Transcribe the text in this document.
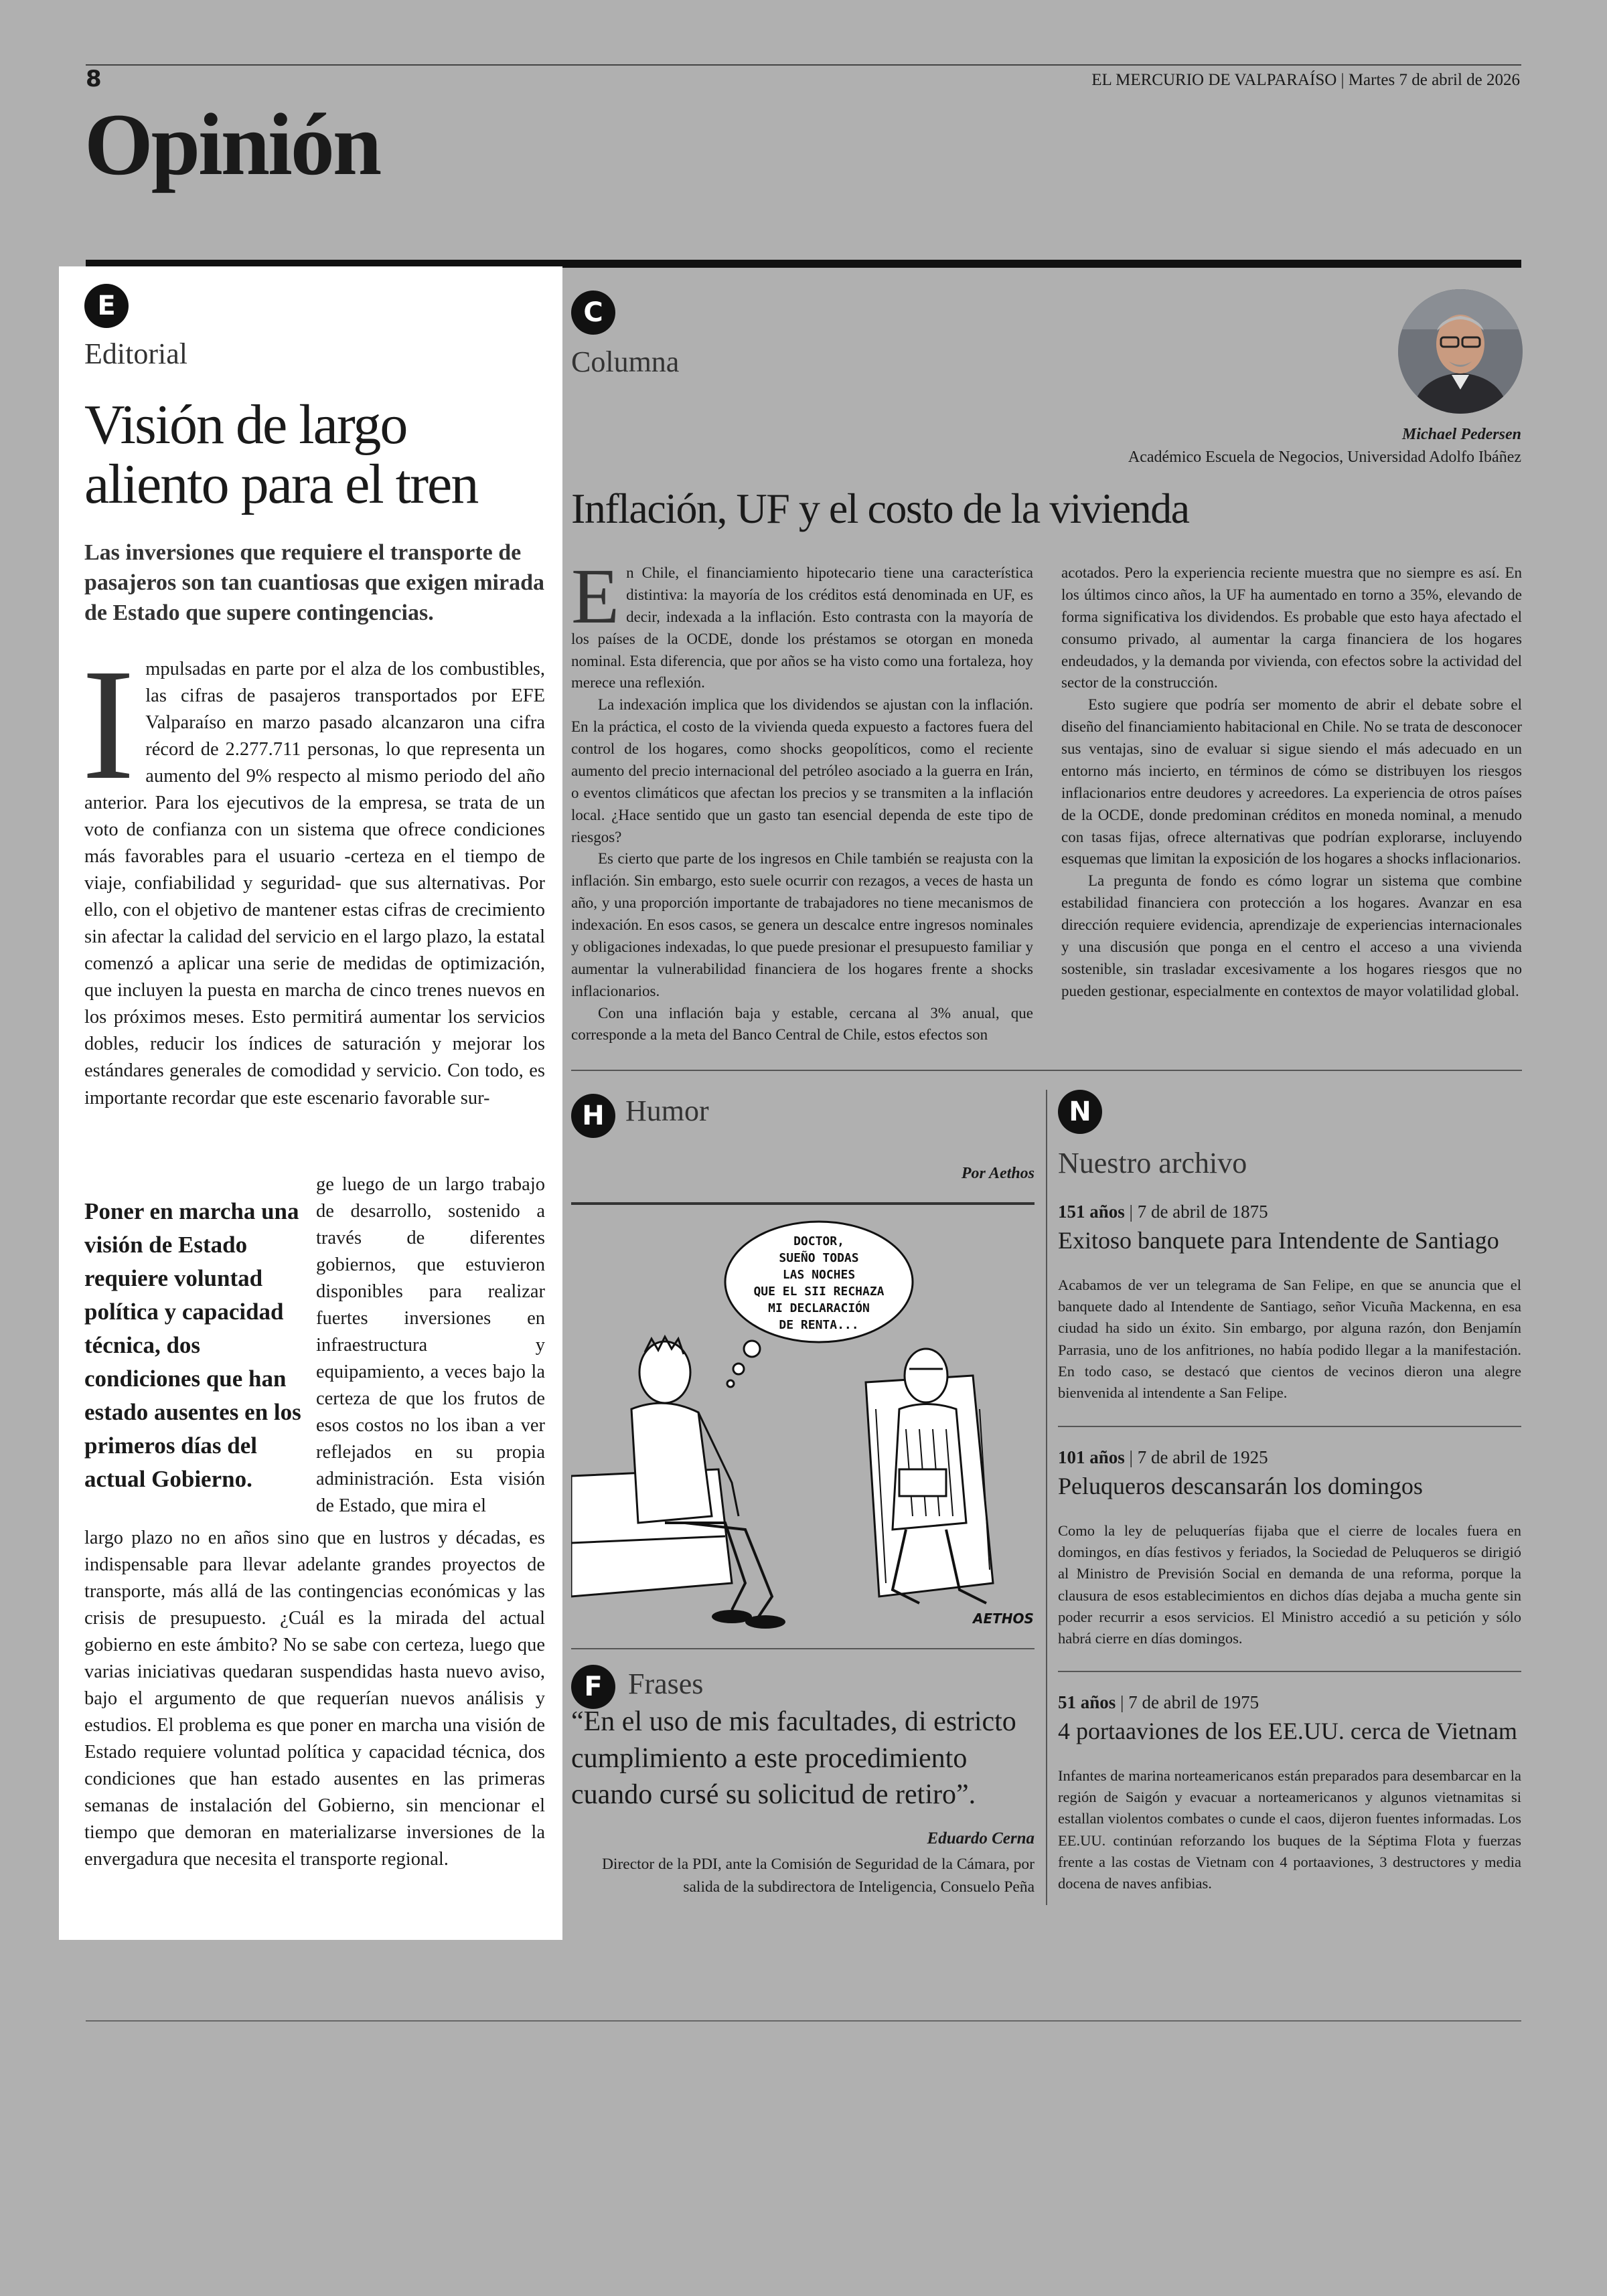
8	EL MERCURIO DE VALPARAÍSO | Martes 7 de abril de 2026
Opinión
E
Editorial
Visión de largo
aliento para el tren
Las inversiones que requiere el transporte de pasajeros son tan cuantiosas que exigen mirada de Estado que supere contingencias.
Impulsadas en parte por el alza de los combustibles, las cifras de pasajeros transportados por EFE Valparaíso en marzo pasado alcanzaron una cifra récord de 2.277.711 personas, lo que representa un aumento del 9% respecto al mismo periodo del año anterior. Para los ejecutivos de la empresa, se trata de un voto de confianza con un sistema que ofrece condiciones más favorables para el usuario -certeza en el tiempo de viaje, confiabilidad y seguridad- que sus alternativas. Por ello, con el objetivo de mantener estas cifras de crecimiento sin afectar la calidad del servicio en el largo plazo, la estatal comenzó a aplicar una serie de medidas de optimización, que incluyen la puesta en marcha de cinco trenes nuevos en los próximos meses. Esto permitirá aumentar los servicios dobles, reducir los índices de saturación y mejorar los estándares generales de comodidad y servicio. Con todo, es importante recordar que este escenario favorable sur-
Poner en marcha una visión de Estado requiere voluntad política y capacidad técnica, dos condiciones que han estado ausentes en los primeros días del actual Gobierno.
ge luego de un largo trabajo de desarrollo, sostenido a través de diferentes gobiernos, que estuvieron disponibles para realizar fuertes inversiones en infraestructura y equipamiento, a veces bajo la certeza de que los frutos de esos costos no los iban a ver reflejados en su propia administración. Esta visión de Estado, que mira el
largo plazo no en años sino que en lustros y décadas, es indispensable para llevar adelante grandes proyectos de transporte, más allá de las contingencias económicas y las crisis de presupuesto. ¿Cuál es la mirada del actual gobierno en este ámbito? No se sabe con certeza, luego que varias iniciativas quedaran suspendidas hasta nuevo aviso, bajo el argumento de que requerían nuevos análisis y estudios. El problema es que poner en marcha una visión de Estado requiere voluntad política y capacidad técnica, dos condiciones que han estado ausentes en las primeras semanas de instalación del Gobierno, sin mencionar el tiempo que demoran en materializarse inversiones de la envergadura que necesita el transporte regional.
C
Columna
Michael Pedersen
Académico Escuela de Negocios, Universidad Adolfo Ibáñez
Inflación, UF y el costo de la vivienda

En Chile, el financiamiento hipotecario tiene una característica distintiva: la mayoría de los créditos está denominada en UF, es decir, indexada a la inflación. Esto contrasta con la mayoría de los países de la OCDE, donde los préstamos se otorgan en moneda nominal. Esta diferencia, que por años se ha visto como una fortaleza, hoy merece una reflexión.

La indexación implica que los dividendos se ajustan con la inflación. En la práctica, el costo de la vivienda queda expuesto a factores fuera del control de los hogares, como shocks geopolíticos, como el reciente aumento del precio internacional del petróleo asociado a la guerra en Irán, o eventos climáticos que afectan los precios y se transmiten a la inflación local. ¿Hace sentido que un gasto tan esencial dependa de este tipo de riesgos?

Es cierto que parte de los ingresos en Chile también se reajusta con la inflación. Sin embargo, esto suele ocurrir con rezagos, a veces de hasta un año, y una proporción importante de trabajadores no tiene mecanismos de indexación. En esos casos, se genera un descalce entre ingresos nominales y obligaciones indexadas, lo que puede presionar el presupuesto familiar y aumentar la vulnerabilidad financiera de los hogares frente a shocks inflacionarios.

Con una inflación baja y estable, cercana al 3% anual, que corresponde a la meta del Banco Central de Chile, estos efectos son

acotados. Pero la experiencia reciente muestra que no siempre es así. En los últimos cinco años, la UF ha aumentado en torno a 35%, elevando de forma significativa los dividendos. Es probable que esto haya afectado el consumo privado, al aumentar la carga financiera de los hogares endeudados, y la demanda por vivienda, con efectos sobre la actividad del sector de la construcción.

Esto sugiere que podría ser momento de abrir el debate sobre el diseño del financiamiento habitacional en Chile. No se trata de desconocer sus ventajas, sino de evaluar si sigue siendo el más adecuado en un entorno más incierto, en términos de cómo se distribuyen los riesgos inflacionarios entre deudores y acreedores. La experiencia de otros países de la OCDE, donde predominan créditos en moneda nominal, a menudo con tasas fijas, ofrece alternativas que podrían explorarse, incluyendo esquemas que limitan la exposición de los hogares a shocks inflacionarios.

La pregunta de fondo es cómo lograr un sistema que combine estabilidad financiera con protección a los hogares. Avanzar en esa dirección requiere evidencia, aprendizaje de experiencias internacionales y una discusión que ponga en el centro el acceso a una vivienda sostenible, sin trasladar excesivamente a los hogares riesgos que no pueden gestionar, especialmente en contextos de mayor volatilidad global.

H Humor
Por Aethos
DOCTOR,
SUEÑO TODAS
LAS NOCHES
QUE EL SII RECHAZA
MI DECLARACIÓN
DE RENTA...
AETHOS
F Frases
“En el uso de mis facultades, di estricto cumplimiento a este procedimiento cuando cursé su solicitud de retiro”.
Eduardo Cerna
Director de la PDI, ante la Comisión de Seguridad de la Cámara, por salida de la subdirectora de Inteligencia, Consuelo Peña
N
Nuestro archivo
151 años | 7 de abril de 1875
Exitoso banquete para Intendente de Santiago
Acabamos de ver un telegrama de San Felipe, en que se anuncia que el banquete dado al Intendente de Santiago, señor Vicuña Mackenna, en esa ciudad ha sido un éxito. Sin embargo, por alguna razón, don Benjamín Parrasia, uno de los anfitriones, no había podido llegar a la manifestación. En todo caso, se destacó que cientos de vecinos dieron una alegre bienvenida al intendente a San Felipe.
101 años | 7 de abril de 1925
Peluqueros descansarán los domingos
Como la ley de peluquerías fijaba que el cierre de locales fuera en domingos, en días festivos y feriados, la Sociedad de Peluqueros se dirigió al Ministro de Previsión Social en demanda de una reforma, porque la clausura de esos establecimientos en dichos días dejaba a mucha gente sin poder recurrir a esos servicios. El Ministro accedió a su petición y sólo habrá cierre en días domingos.
51 años | 7 de abril de 1975
4 portaaviones de los EE.UU. cerca de Vietnam
Infantes de marina norteamericanos están preparados para desembarcar en la región de Saigón y evacuar a norteamericanos y algunos vietnamitas si estallan violentos combates o cunde el caos, dijeron fuentes informadas. Los EE.UU. continúan reforzando los buques de la Séptima Flota y fuerzas frente a las costas de Vietnam con 4 portaaviones, 3 destructores y media docena de naves anfibias.
